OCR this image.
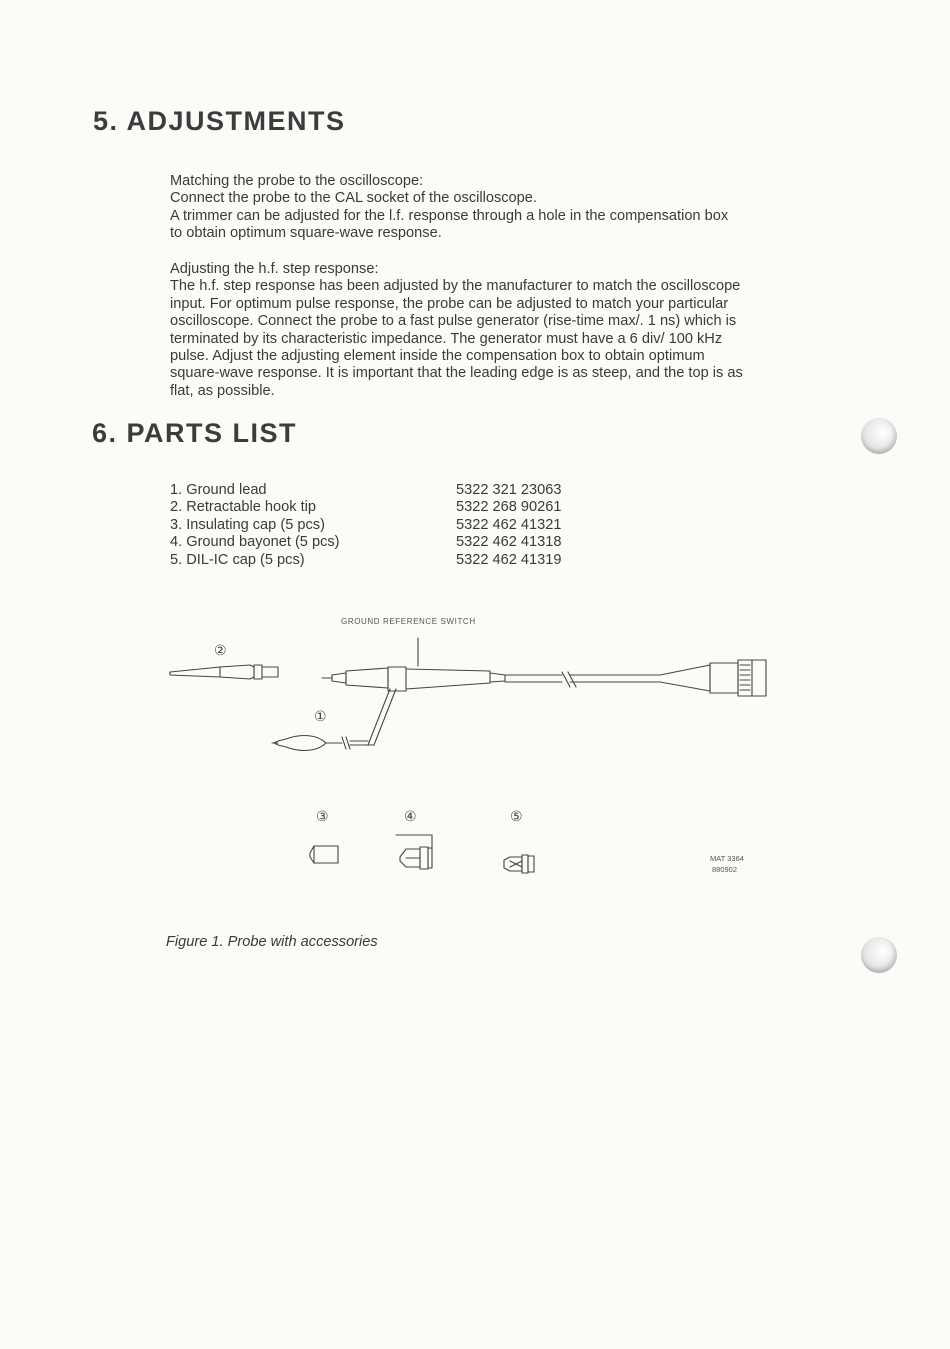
5. ADJUSTMENTS
Matching the probe to the oscilloscope:
Connect the probe to the CAL socket of the oscilloscope.
A trimmer can be adjusted for the l.f. response through a hole in the compensation box
to obtain optimum square-wave response.
Adjusting the h.f. step response:
The h.f. step response has been adjusted by the manufacturer to match the oscilloscope
input. For optimum pulse response, the probe can be adjusted to match your particular
oscilloscope. Connect the probe to a fast pulse generator (rise-time max/. 1 ns) which is
terminated by its characteristic impedance. The generator must have a 6 div/ 100 kHz
pulse. Adjust the adjusting element inside the compensation box to obtain optimum
square-wave response. It is important that the leading edge is as steep, and the top is as
flat, as possible.
6. PARTS LIST
1. Ground lead	5322 321 23063
2. Retractable hook tip	5322 268 90261
3. Insulating cap (5 pcs)	5322 462 41321
4. Ground bayonet (5 pcs)	5322 462 41318
5. DIL-IC cap (5 pcs)	5322 462 41319
GROUND REFERENCE SWITCH
②
①
③	④	⑤
MAT 3364
880902

Figure 1. Probe with accessories
